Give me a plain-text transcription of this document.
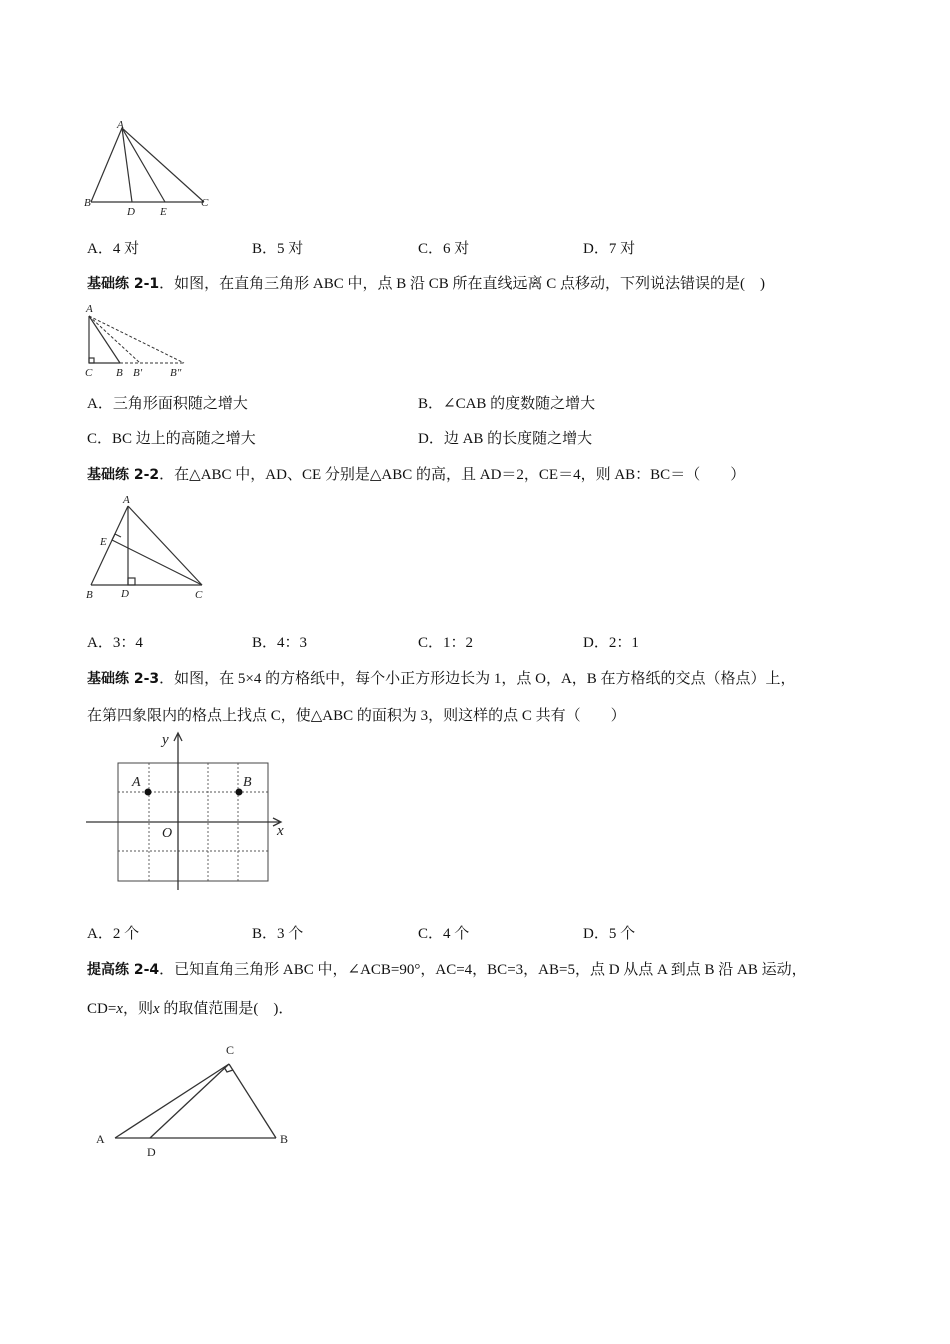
A
B
D E
C
A．4 对	B．5 对	C．6 对	D．7 对
基础练 2-1．如图，在直角三角形 ABC 中，点 B 沿 CB 所在直线远离 C 点移动，下列说法错误的是(　)
A
C B B′	B″
A．三角形面积随之增大	B．∠CAB 的度数随之增大
C．BC 边上的高随之增大	D．边 AB 的长度随之增大
基础练 2-2．在△ABC 中，AD、CE 分别是△ABC 的高，且 AD＝2，CE＝4，则 AB：BC＝（　　）
A
E
B	D	C
A．3：4	B．4：3	C．1：2	D．2：1
基础练 2-3．如图，在 5×4 的方格纸中，每个小正方形边长为 1，点 O，A，B 在方格纸的交点（格点）上，
在第四象限内的格点上找点 C，使△ABC 的面积为 3，则这样的点 C 共有（　　）
y
x
O
A	B
A．2 个	B．3 个	C．4 个	D．5 个
提高练 2-4．已知直角三角形 ABC 中，∠ACB=90°，AC=4，BC=3，AB=5，点 D 从点 A 到点 B 沿 AB 运动，
CD=x，则x 的取值范围是(　)．
C
A
D
B
